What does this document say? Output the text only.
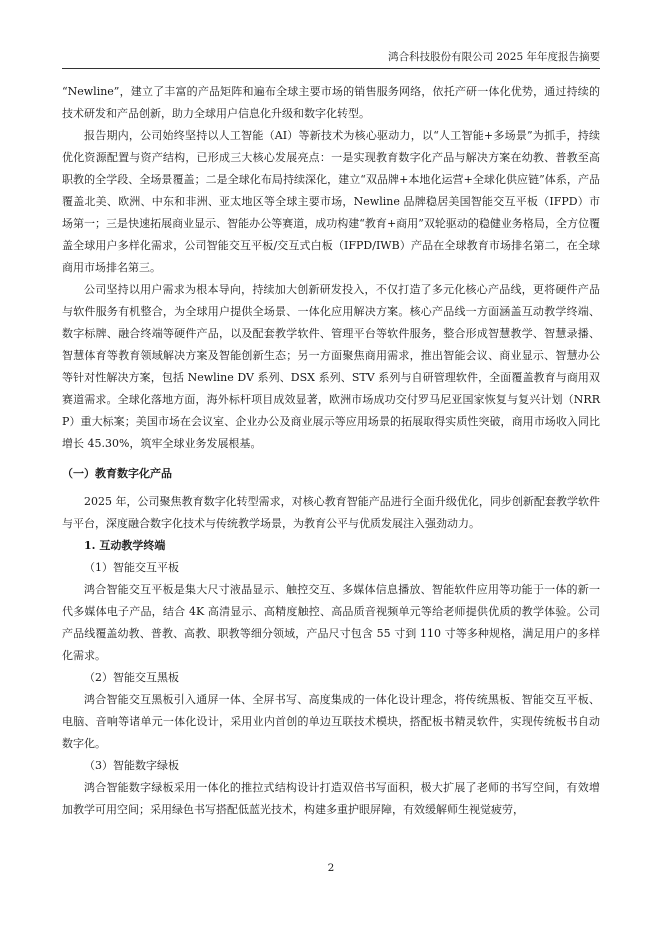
鸿合科技股份有限公司 2025 年年度报告摘要

“Newline”，建立了丰富的产品矩阵和遍布全球主要市场的销售服务网络，依托产研一体化优势，通过持续的技术研发和产品创新，助力全球用户信息化升级和数字化转型。

报告期内，公司始终坚持以人工智能（AI）等新技术为核心驱动力，以“人工智能+多场景”为抓手，持续优化资源配置与资产结构，已形成三大核心发展亮点：一是实现教育数字化产品与解决方案在幼教、普教至高职教的全学段、全场景覆盖；二是全球化布局持续深化，建立“双品牌+本地化运营+全球化供应链”体系，产品覆盖北美、欧洲、中东和非洲、亚太地区等全球主要市场，Newline 品牌稳居美国智能交互平板（IFPD）市场第一；三是快速拓展商业显示、智能办公等赛道，成功构建“教育+商用”双轮驱动的稳健业务格局，全方位覆盖全球用户多样化需求，公司智能交互平板/交互式白板（IFPD/IWB）产品在全球教育市场排名第二，在全球商用市场排名第三。

公司坚持以用户需求为根本导向，持续加大创新研发投入，不仅打造了多元化核心产品线，更将硬件产品与软件服务有机整合，为全球用户提供全场景、一体化应用解决方案。核心产品线一方面涵盖互动教学终端、数字标牌、融合终端等硬件产品，以及配套教学软件、管理平台等软件服务，整合形成智慧教学、智慧录播、智慧体育等教育领域解决方案及智能创新生态；另一方面聚焦商用需求，推出智能会议、商业显示、智慧办公等针对性解决方案，包括 Newline DV 系列、DSX 系列、STV 系列与自研管理软件，全面覆盖教育与商用双赛道需求。全球化落地方面，海外标杆项目成效显著，欧洲市场成功交付罗马尼亚国家恢复与复兴计划（NRRP）重大标案；美国市场在会议室、企业办公及商业展示等应用场景的拓展取得实质性突破，商用市场收入同比增长 45.30%，筑牢全球业务发展根基。

（一）教育数字化产品

2025 年，公司聚焦教育数字化转型需求，对核心教育智能产品进行全面升级优化，同步创新配套教学软件与平台，深度融合数字化技术与传统教学场景，为教育公平与优质发展注入强劲动力。

1. 互动教学终端
（1）智能交互平板

鸿合智能交互平板是集大尺寸液晶显示、触控交互、多媒体信息播放、智能软件应用等功能于一体的新一代多媒体电子产品，结合 4K 高清显示、高精度触控、高品质音视频单元等给老师提供优质的教学体验。公司产品线覆盖幼教、普教、高教、职教等细分领域，产品尺寸包含 55 寸到 110 寸等多种规格，满足用户的多样化需求。

（2）智能交互黑板

鸿合智能交互黑板引入通屏一体、全屏书写、高度集成的一体化设计理念，将传统黑板、智能交互平板、电脑、音响等诸单元一体化设计，采用业内首创的单边互联技术模块，搭配板书精灵软件，实现传统板书自动数字化。

（3）智能数字绿板

鸿合智能数字绿板采用一体化的推拉式结构设计打造双倍书写面积，极大扩展了老师的书写空间，有效增加教学可用空间；采用绿色书写搭配低蓝光技术，构建多重护眼屏障，有效缓解师生视觉疲劳，

2
